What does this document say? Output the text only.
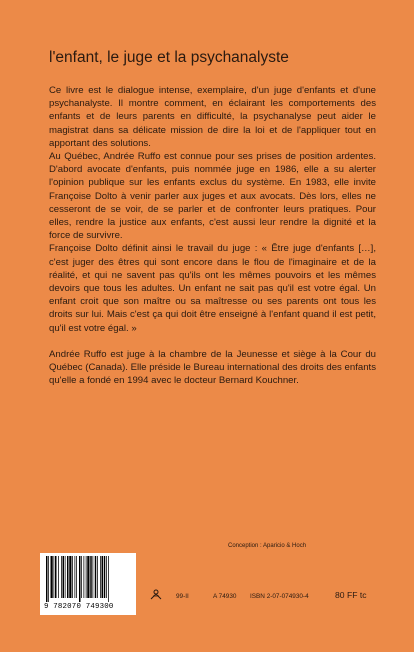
l'enfant, le juge et la psychanalyste

Ce livre est le dialogue intense, exemplaire, d'un juge d'enfants et d'une psychanalyste. Il montre comment, en éclairant les comportements des enfants et de leurs parents en difficulté, la psychanalyse peut aider le magistrat dans sa délicate mission de dire la loi et de l'appliquer tout en apportant des solutions.

Au Québec, Andrée Ruffo est connue pour ses prises de position ardentes. D'abord avocate d'enfants, puis nommée juge en 1986, elle a su alerter l'opinion publique sur les enfants exclus du système. En 1983, elle invite Françoise Dolto à venir parler aux juges et aux avocats. Dès lors, elles ne cesseront de se voir, de se parler et de confronter leurs pratiques. Pour elles, rendre la justice aux enfants, c'est aussi leur rendre la dignité et la force de survivre.

Françoise Dolto définit ainsi le travail du juge : « Être juge d'enfants […], c'est juger des êtres qui sont encore dans le flou de l'imaginaire et de la réalité, et qui ne savent pas qu'ils ont les mêmes pouvoirs et les mêmes devoirs que tous les adultes. Un enfant ne sait pas qu'il est votre égal. Un enfant croit que son maître ou sa maîtresse ou ses parents ont tous les droits sur lui. Mais c'est ça qui doit être enseigné à l'enfant quand il est petit, qu'il est votre égal. »

Andrée Ruffo est juge à la chambre de la Jeunesse et siège à la Cour du Québec (Canada). Elle préside le Bureau international des droits des enfants qu'elle a fondé en 1994 avec le docteur Bernard Kouchner.

Conception : Aparicio & Hoch
9 782070 749300
99-II	A 74930 ISBN 2-07-074930-4	80 FF tc
